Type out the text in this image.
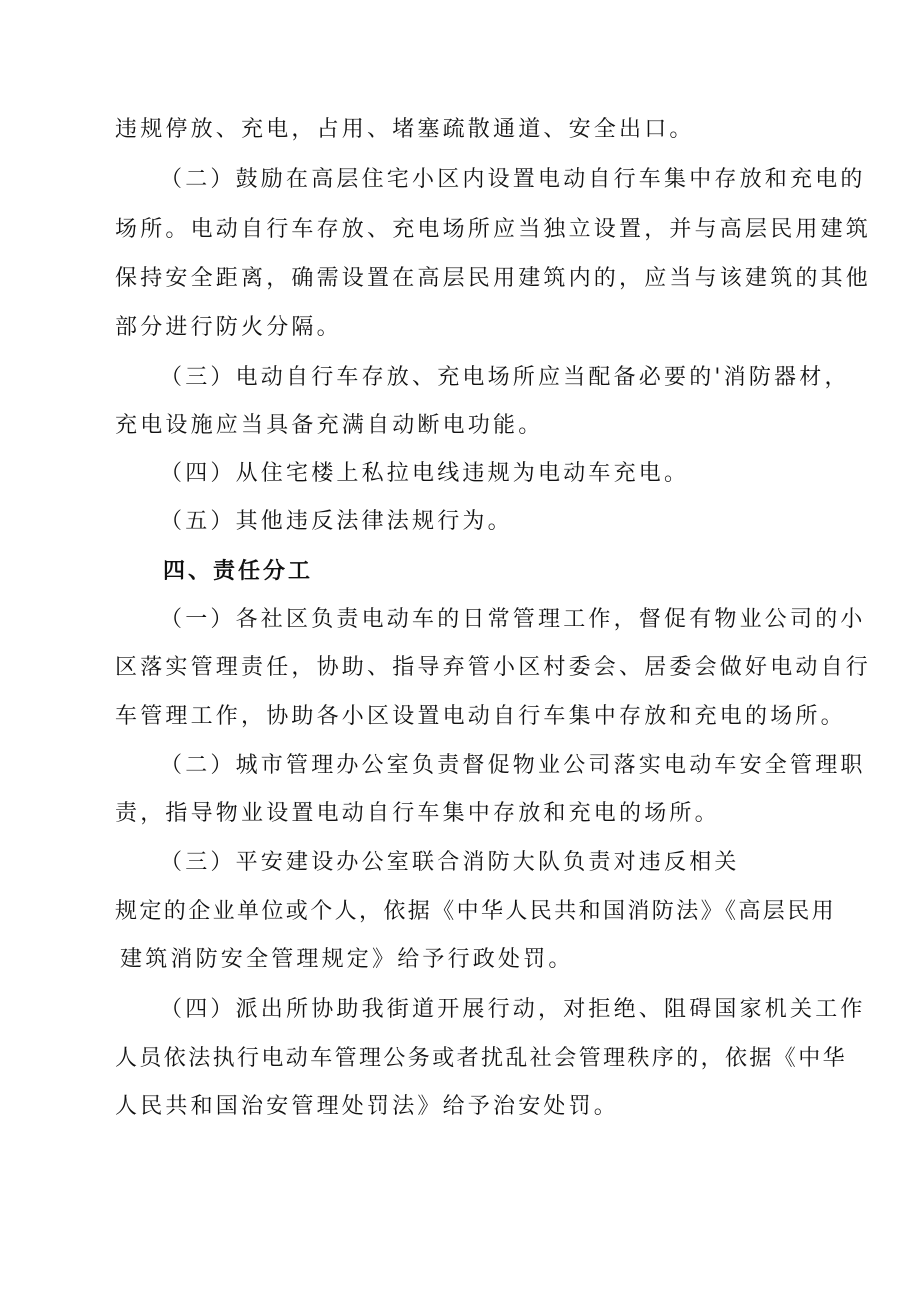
违规停放、充电，占用、堵塞疏散通道、安全出口。
（二）鼓励在高层住宅小区内设置电动自行车集中存放和充电的
场所。电动自行车存放、充电场所应当独立设置，并与高层民用建筑
保持安全距离，确需设置在高层民用建筑内的，应当与该建筑的其他
部分进行防火分隔。
（三）电动自行车存放、充电场所应当配备必要的'消防器材，
充电设施应当具备充满自动断电功能。
（四）从住宅楼上私拉电线违规为电动车充电。
（五）其他违反法律法规行为。
四、责任分工
（一）各社区负责电动车的日常管理工作，督促有物业公司的小
区落实管理责任，协助、指导弃管小区村委会、居委会做好电动自行
车管理工作，协助各小区设置电动自行车集中存放和充电的场所。
（二）城市管理办公室负责督促物业公司落实电动车安全管理职
责，指导物业设置电动自行车集中存放和充电的场所。
（三）平安建设办公室联合消防大队负责对违反相关
规定的企业单位或个人，依据《中华人民共和国消防法》《高层民用
建筑消防安全管理规定》给予行政处罚。
（四）派出所协助我街道开展行动，对拒绝、阻碍国家机关工作
人员依法执行电动车管理公务或者扰乱社会管理秩序的，依据《中华
人民共和国治安管理处罚法》给予治安处罚。
